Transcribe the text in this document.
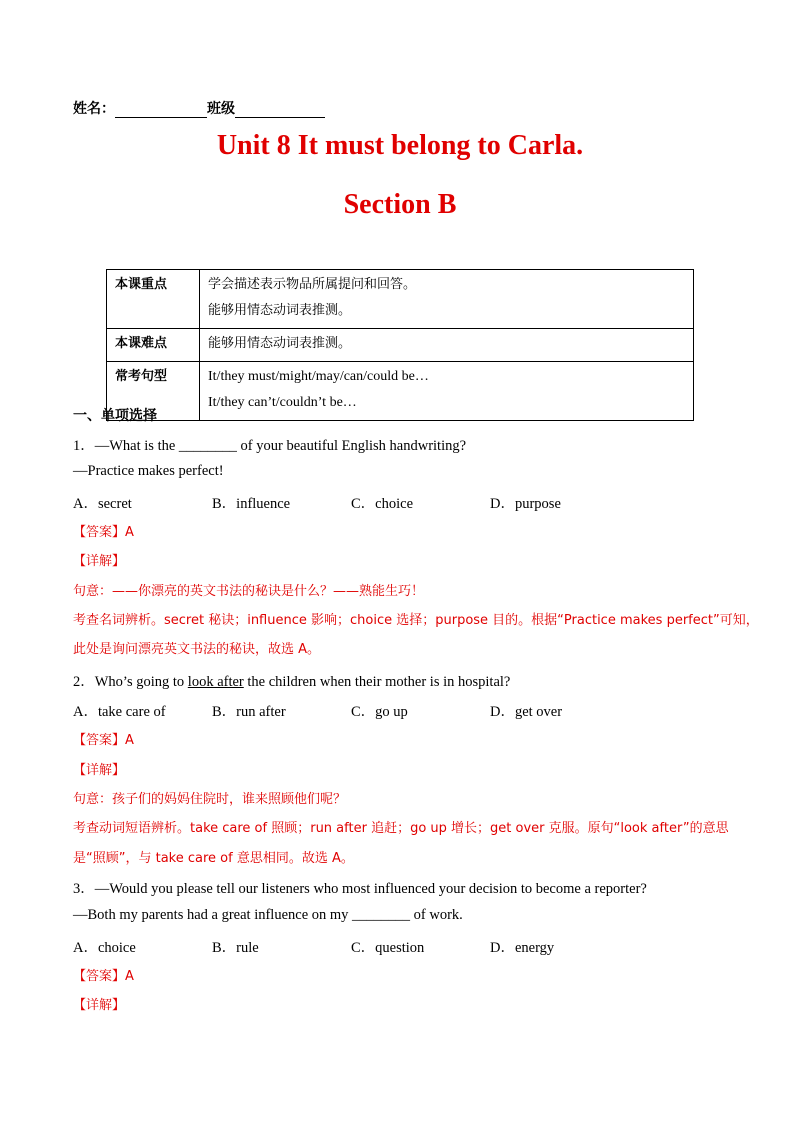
姓名：	班级
Unit 8 It must belong to Carla.
Section B
本课重点	学会描述表示物品所属提问和回答。
能够用情态动词表推测。

本课难点	能够用情态动词表推测。

常考句型	It/they must/might/may/can/could be…
It/they can’t/couldn’t be…
一、单项选择
1．—What is the ________ of your beautiful English handwriting?
—Practice makes perfect!
A．secret	B．influence	C．choice	D．purpose
【答案】A
【详解】
句意：——你漂亮的英文书法的秘诀是什么？——熟能生巧！
考查名词辨析。secret 秘诀；influence 影响；choice 选择；purpose 目的。根据“Practice makes perfect”可知，
此处是询问漂亮英文书法的秘诀，故选 A。
2．Who’s going to look after the children when their mother is in hospital?
A．take care of	B．run after	C．go up	D．get over
【答案】A
【详解】
句意：孩子们的妈妈住院时，谁来照顾他们呢？
考查动词短语辨析。take care of 照顾；run after 追赶；go up 增长；get over 克服。原句“look after”的意思
是“照顾”，与 take care of 意思相同。故选 A。
3．—Would you please tell our listeners who most influenced your decision to become a reporter?
—Both my parents had a great influence on my ________ of work.
A．choice	B．rule	C．question	D．energy
【答案】A
【详解】
